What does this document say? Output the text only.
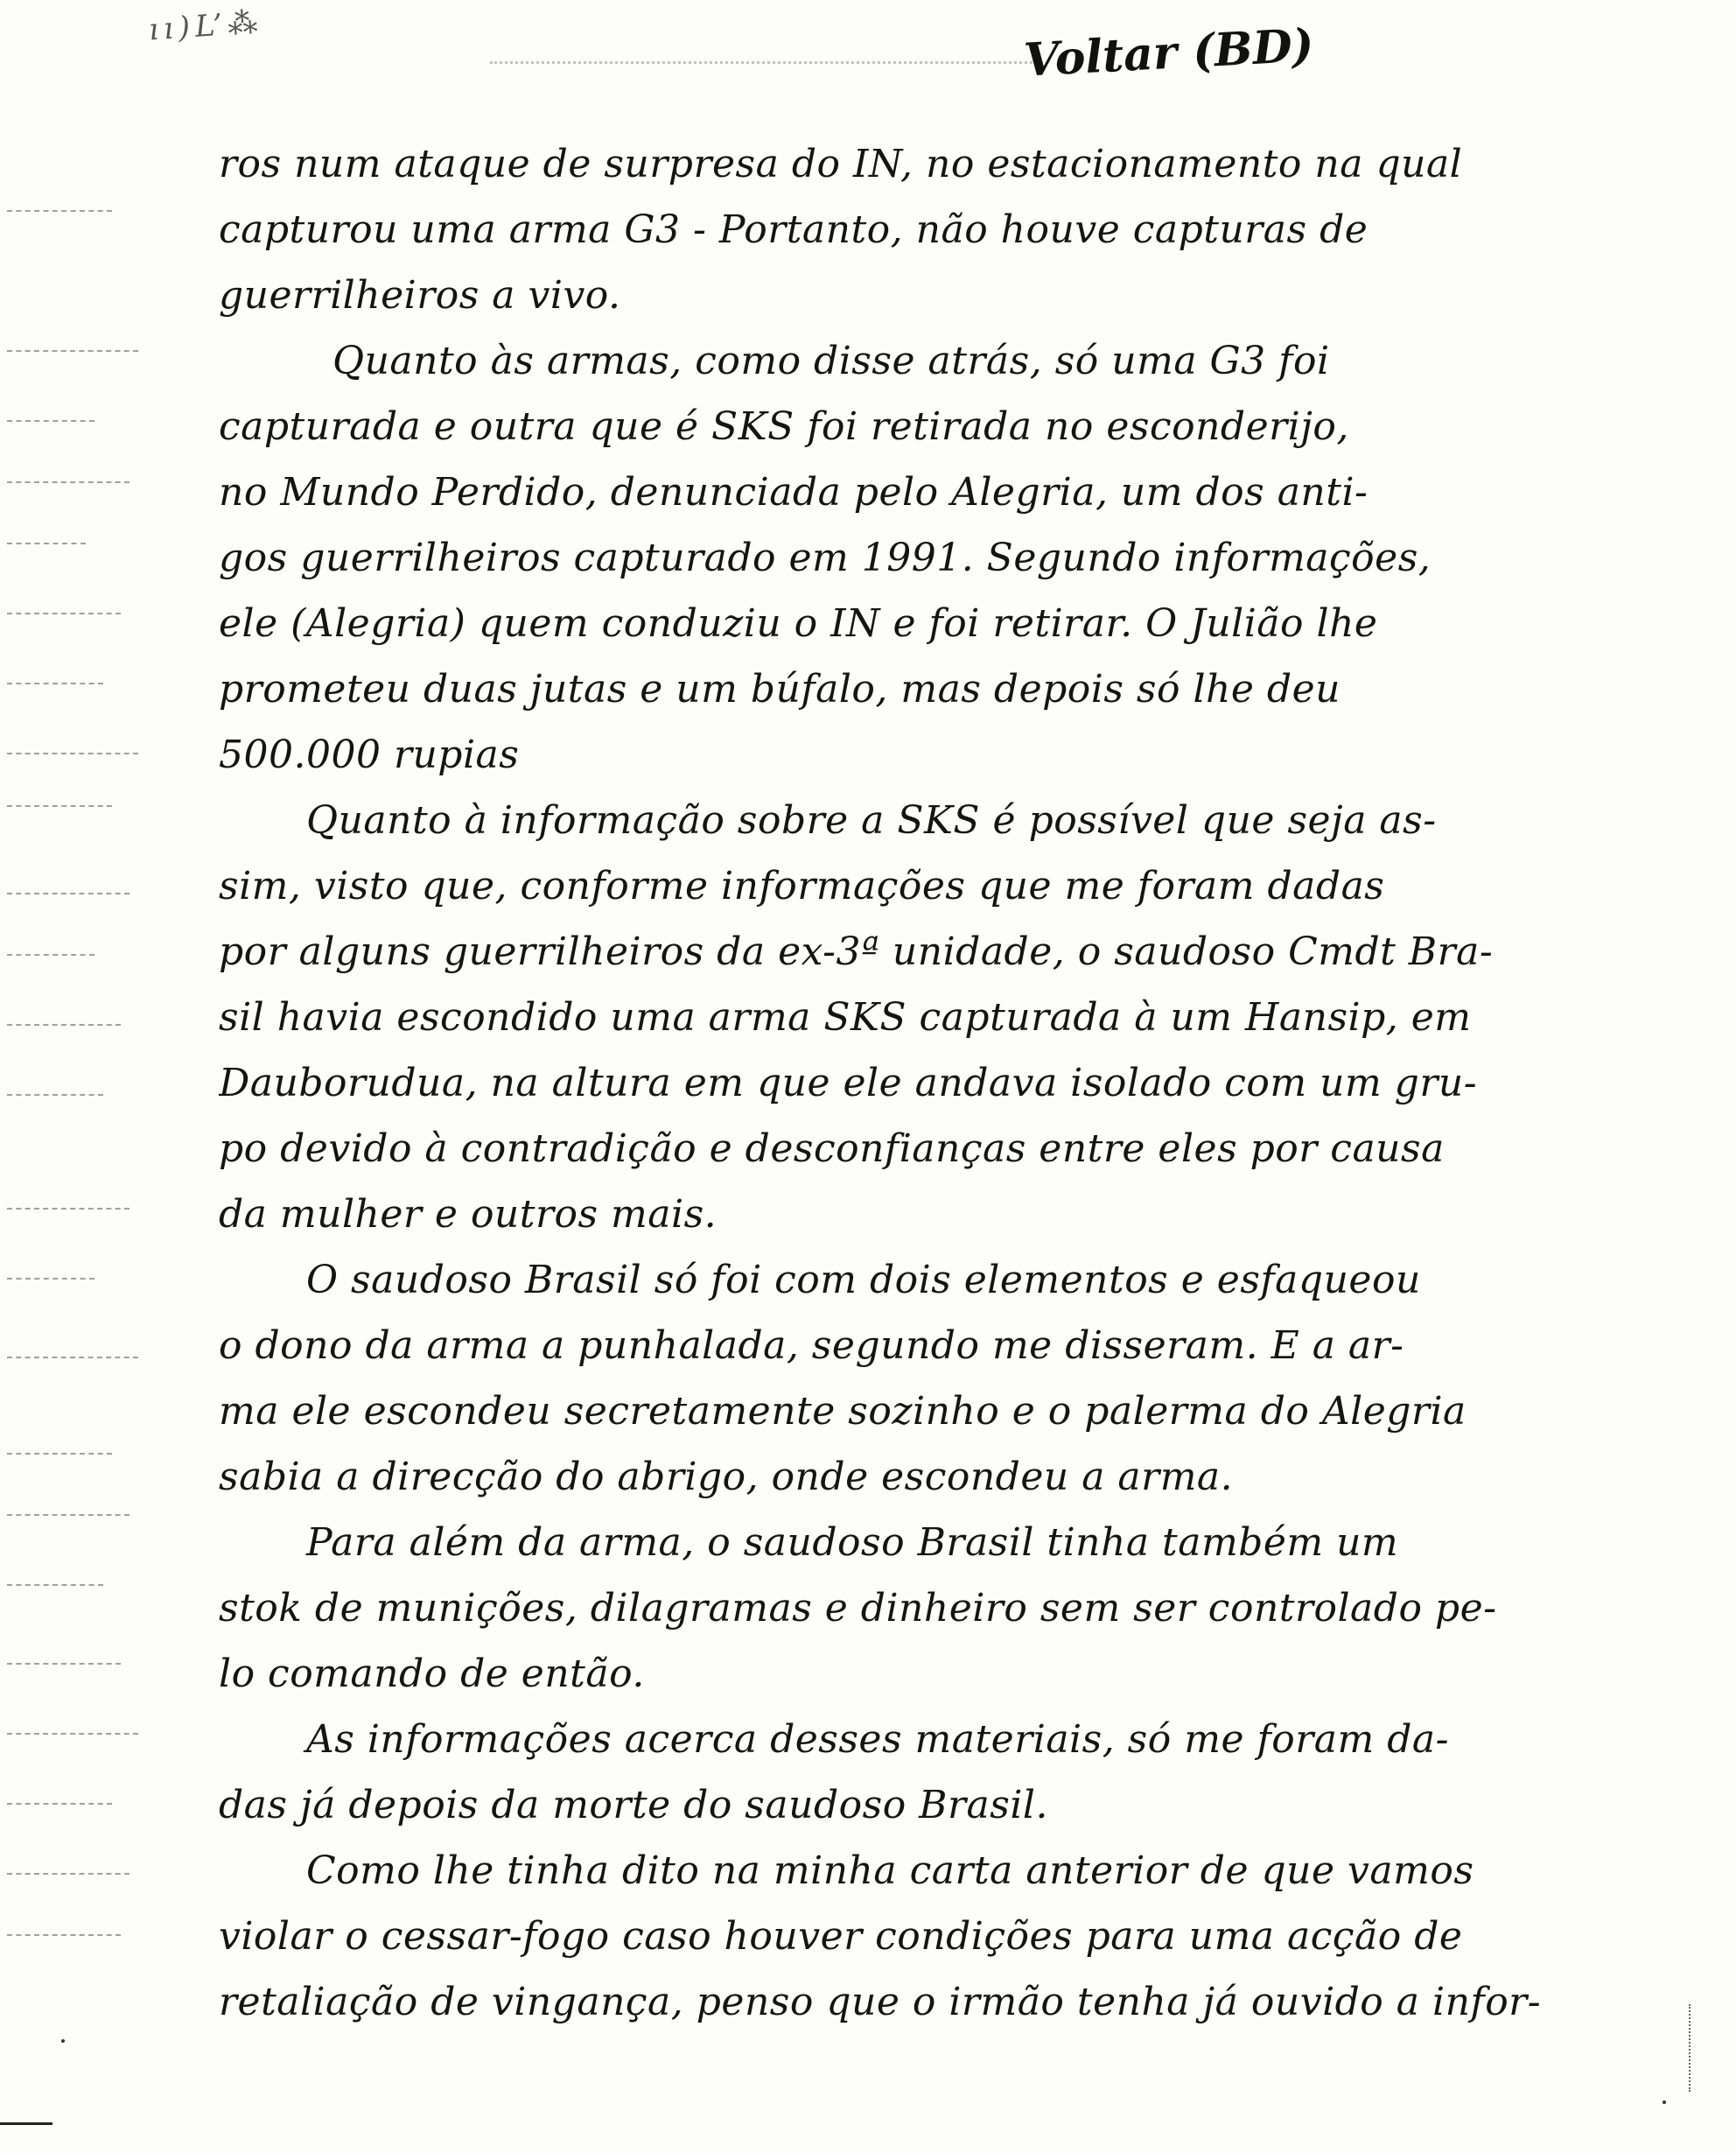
ıı)L’⁂	Voltar (BD)
ros num ataque de surpresa do IN, no estacionamento na qual
capturou uma arma G3 - Portanto, não houve capturas de
guerrilheiros a vivo.
Quanto às armas, como disse atrás, só uma G3 foi
capturada e outra que é SKS foi retirada no esconderijo,
no Mundo Perdido, denunciada pelo Alegria, um dos anti-
gos guerrilheiros capturado em 1991. Segundo informações,
ele (Alegria) quem conduziu o IN e foi retirar. O Julião lhe
prometeu duas jutas e um búfalo, mas depois só lhe deu
500.000 rupias
Quanto à informação sobre a SKS é possível que seja as-
sim, visto que, conforme informações que me foram dadas
por alguns guerrilheiros da ex-3ª unidade, o saudoso Cmdt Bra-
sil havia escondido uma arma SKS capturada à um Hansip, em
Dauborudua, na altura em que ele andava isolado com um gru-
po devido à contradição e desconfianças entre eles por causa
da mulher e outros mais.
O saudoso Brasil só foi com dois elementos e esfaqueou
o dono da arma a punhalada, segundo me disseram. E a ar-
ma ele escondeu secretamente sozinho e o palerma do Alegria
sabia a direcção do abrigo, onde escondeu a arma.
Para além da arma, o saudoso Brasil tinha também um
stok de munições, dilagramas e dinheiro sem ser controlado pe-
lo comando de então.
As informações acerca desses materiais, só me foram da-
das já depois da morte do saudoso Brasil.
Como lhe tinha dito na minha carta anterior de que vamos
violar o cessar-fogo caso houver condições para uma acção de
retaliação de vingança, penso que o irmão tenha já ouvido a infor-
